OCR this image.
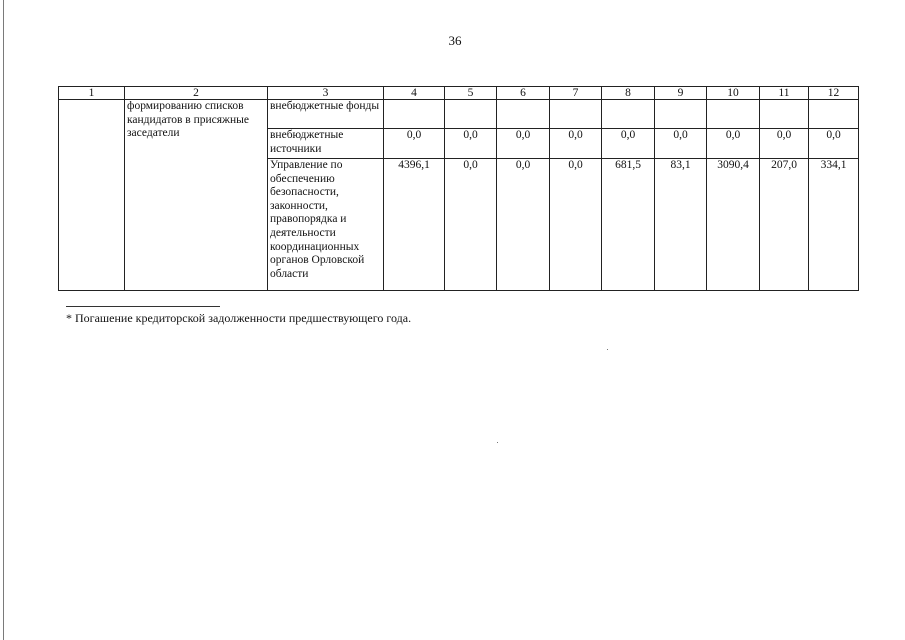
36
1	2	3	4	5	6	7	8	9	10	11	12
	формированию списков кандидатов в присяжные заседатели	внебюджетные фонды									
		внебюджетные источники	0,0	0,0	0,0	0,0	0,0	0,0	0,0	0,0	0,0
		Управление по обеспечению безопасности, законности, правопорядка и деятельности координационных органов Орловской области	4396,1	0,0	0,0	0,0	681,5	83,1	3090,4	207,0	334,1
* Погашение кредиторской задолженности предшествующего года.
